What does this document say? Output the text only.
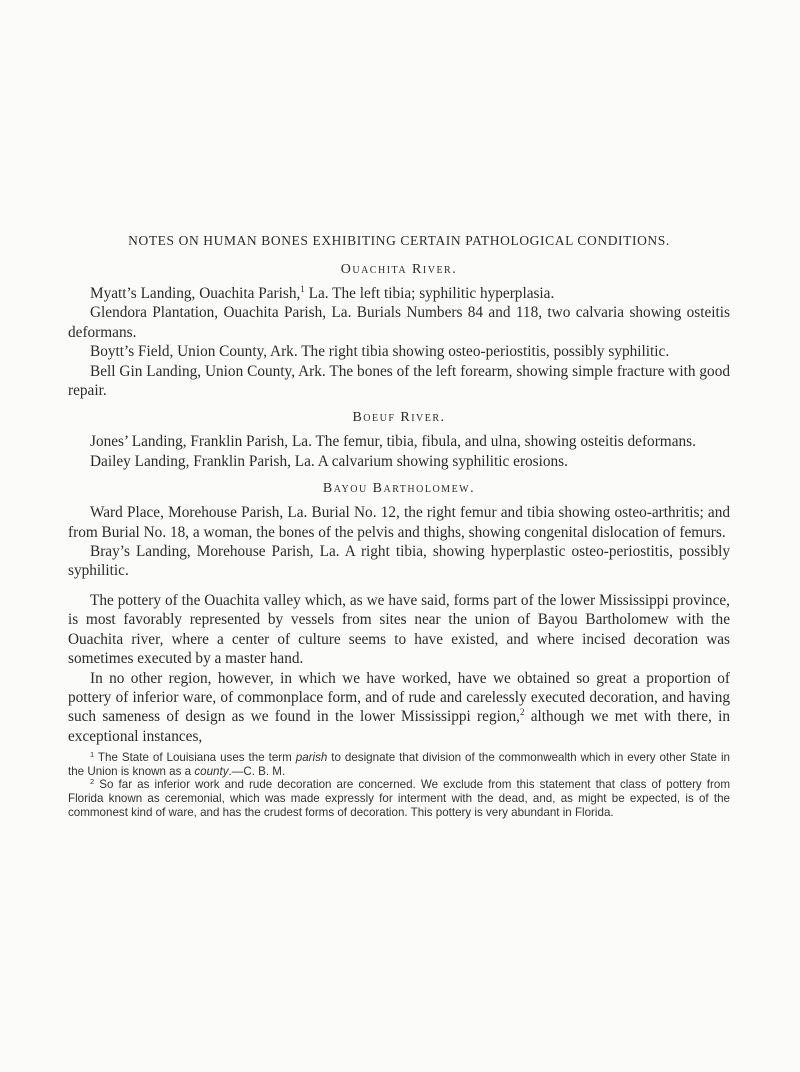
NOTES ON HUMAN BONES EXHIBITING CERTAIN PATHOLOGICAL CONDITIONS.
Ouachita River.

Myatt’s Landing, Ouachita Parish,$^1$ La. The left tibia; syphilitic hyperplasia.

Glendora Plantation, Ouachita Parish, La. Burials Numbers 84 and 118, two calvaria showing osteitis deformans.

Boytt’s Field, Union County, Ark. The right tibia showing osteo-periostitis, possibly syphilitic.

Bell Gin Landing, Union County, Ark. The bones of the left forearm, showing simple fracture with good repair.

Boeuf River.

Jones’ Landing, Franklin Parish, La. The femur, tibia, fibula, and ulna, showing osteitis deformans.

Dailey Landing, Franklin Parish, La. A calvarium showing syphilitic erosions.

Bayou Bartholomew.

Ward Place, Morehouse Parish, La. Burial No. 12, the right femur and tibia showing osteo-arthritis; and from Burial No. 18, a woman, the bones of the pelvis and thighs, showing congenital dislocation of femurs.

Bray’s Landing, Morehouse Parish, La. A right tibia, showing hyperplastic osteo-periostitis, possibly syphilitic.

The pottery of the Ouachita valley which, as we have said, forms part of the lower Mississippi province, is most favorably represented by vessels from sites near the union of Bayou Bartholomew with the Ouachita river, where a center of culture seems to have existed, and where incised decoration was sometimes executed by a master hand.

In no other region, however, in which we have worked, have we obtained so great a proportion of pottery of inferior ware, of commonplace form, and of rude and carelessly executed decoration, and having such sameness of design as we found in the lower Mississippi region,$^2$ although we met with there, in exceptional instances,

$^1$ The State of Louisiana uses the term parish to designate that division of the commonwealth which in every other State in the Union is known as a county.—C. B. M.

$^2$ So far as inferior work and rude decoration are concerned. We exclude from this statement that class of pottery from Florida known as ceremonial, which was made expressly for interment with the dead, and, as might be expected, is of the commonest kind of ware, and has the crudest forms of decoration. This pottery is very abundant in Florida.
